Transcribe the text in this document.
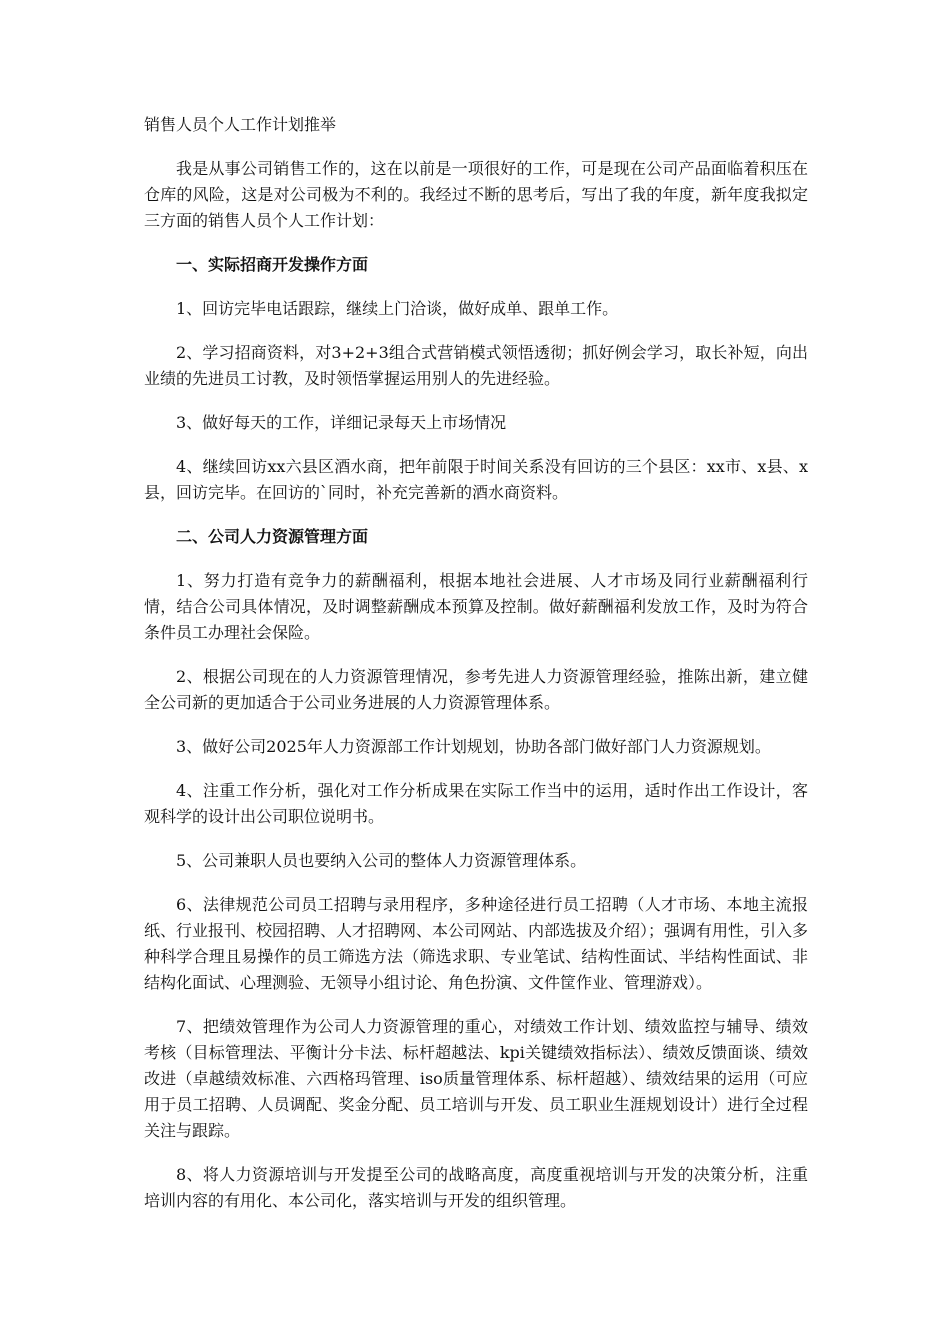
销售人员个人工作计划推举

我是从事公司销售工作的，这在以前是一项很好的工作，可是现在公司产品面临着积压在仓库的风险，这是对公司极为不利的。我经过不断的思考后，写出了我的年度，新年度我拟定三方面的销售人员个人工作计划：

一、实际招商开发操作方面

1、回访完毕电话跟踪，继续上门洽谈，做好成单、跟单工作。

2、学习招商资料，对3+2+3组合式营销模式领悟透彻；抓好例会学习，取长补短，向出业绩的先进员工讨教，及时领悟掌握运用别人的先进经验。

3、做好每天的工作，详细记录每天上市场情况

4、继续回访xx六县区酒水商，把年前限于时间关系没有回访的三个县区：xx市、x县、x县，回访完毕。在回访的`同时，补充完善新的酒水商资料。

二、公司人力资源管理方面

1、努力打造有竞争力的薪酬福利，根据本地社会进展、人才市场及同行业薪酬福利行情，结合公司具体情况，及时调整薪酬成本预算及控制。做好薪酬福利发放工作，及时为符合条件员工办理社会保险。

2、根据公司现在的人力资源管理情况，参考先进人力资源管理经验，推陈出新，建立健全公司新的更加适合于公司业务进展的人力资源管理体系。

3、做好公司2025年人力资源部工作计划规划，协助各部门做好部门人力资源规划。

4、注重工作分析，强化对工作分析成果在实际工作当中的运用，适时作出工作设计，客观科学的设计出公司职位说明书。

5、公司兼职人员也要纳入公司的整体人力资源管理体系。

6、法律规范公司员工招聘与录用程序，多种途径进行员工招聘（人才市场、本地主流报纸、行业报刊、校园招聘、人才招聘网、本公司网站、内部选拔及介绍）；强调有用性，引入多种科学合理且易操作的员工筛选方法（筛选求职、专业笔试、结构性面试、半结构性面试、非结构化面试、心理测验、无领导小组讨论、角色扮演、文件筐作业、管理游戏）。

7、把绩效管理作为公司人力资源管理的重心，对绩效工作计划、绩效监控与辅导、绩效考核（目标管理法、平衡计分卡法、标杆超越法、kpi关键绩效指标法）、绩效反馈面谈、绩效改进（卓越绩效标准、六西格玛管理、iso质量管理体系、标杆超越）、绩效结果的运用（可应用于员工招聘、人员调配、奖金分配、员工培训与开发、员工职业生涯规划设计）进行全过程关注与跟踪。

8、将人力资源培训与开发提至公司的战略高度，高度重视培训与开发的决策分析，注重培训内容的有用化、本公司化，落实培训与开发的组织管理。
